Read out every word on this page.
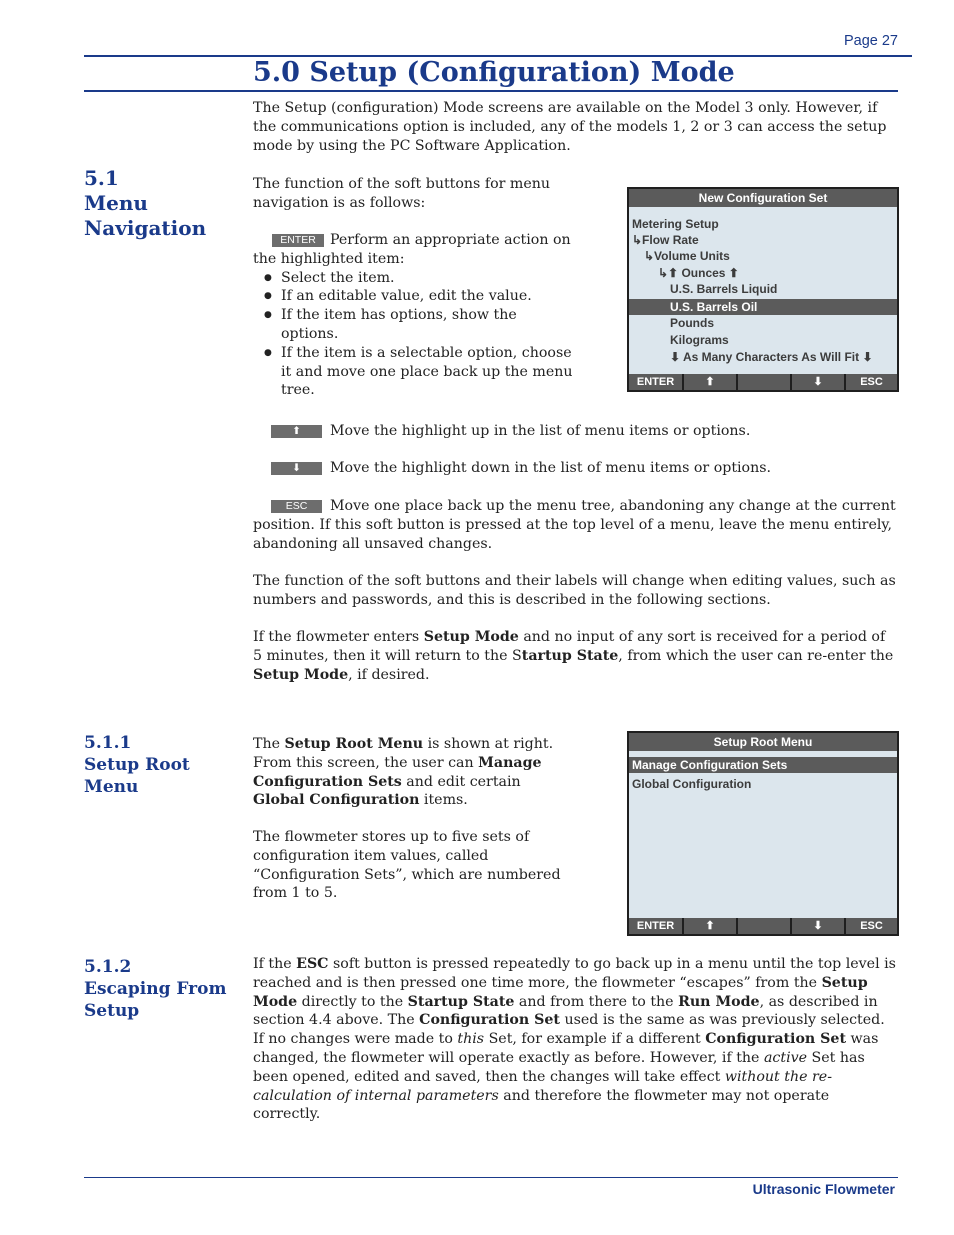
Page 27
5.0 Setup (Configuration) Mode

The Setup (configuration) Mode screens are available on the Model 3 only. However, if the communications option is included, any of the models 1, 2 or 3 can access the setup mode by using the PC Software Application.

5.1
Menu
Navigation

The function of the soft buttons for menu navigation is as follows:

ENTER Perform an appropriate action on the highlighted item:
● Select the item.
● If an editable value, edit the value.
● If the item has options, show the options.
● If the item is a selectable option, choose it and move one place back up the menu tree.
New Configuration Set
Metering Setup
↳Flow Rate
↳Volume Units
↳⬆ Ounces ⬆
U.S. Barrels Liquid
U.S. Barrels Oil
Pounds
Kilograms
⬇ As Many Characters As Will Fit ⬇
ENTER	⬆	⬇	ESC
⬆ Move the highlight up in the list of menu items or options.
⬇ Move the highlight down in the list of menu items or options.
ESC Move one place back up the menu tree, abandoning any change at the current position. If this soft button is pressed at the top level of a menu, leave the menu entirely, abandoning all unsaved changes.

The function of the soft buttons and their labels will change when editing values, such as numbers and passwords, and this is described in the following sections.

If the flowmeter enters Setup Mode and no input of any sort is received for a period of 5 minutes, then it will return to the Startup State, from which the user can re-enter the Setup Mode, if desired.

5.1.1
Setup Root
Menu

The Setup Root Menu is shown at right. From this screen, the user can Manage Configuration Sets and edit certain Global Configuration items.

The flowmeter stores up to five sets of configuration item values, called “Configuration Sets”, which are numbered from 1 to 5.

Setup Root Menu
Manage Configuration Sets
Global Configuration
ENTER	⬆	⬇	ESC
5.1.2
Escaping From
Setup

If the ESC soft button is pressed repeatedly to go back up in a menu until the top level is reached and is then pressed one time more, the flowmeter “escapes” from the Setup Mode directly to the Startup State and from there to the Run Mode, as described in section 4.4 above. The Configuration Set used is the same as was previously selected. If no changes were made to this Set, for example if a different Configuration Set was changed, the flowmeter will operate exactly as before. However, if the active Set has been opened, edited and saved, then the changes will take effect without the re-calculation of internal parameters and therefore the flowmeter may not operate correctly.

Ultrasonic Flowmeter
